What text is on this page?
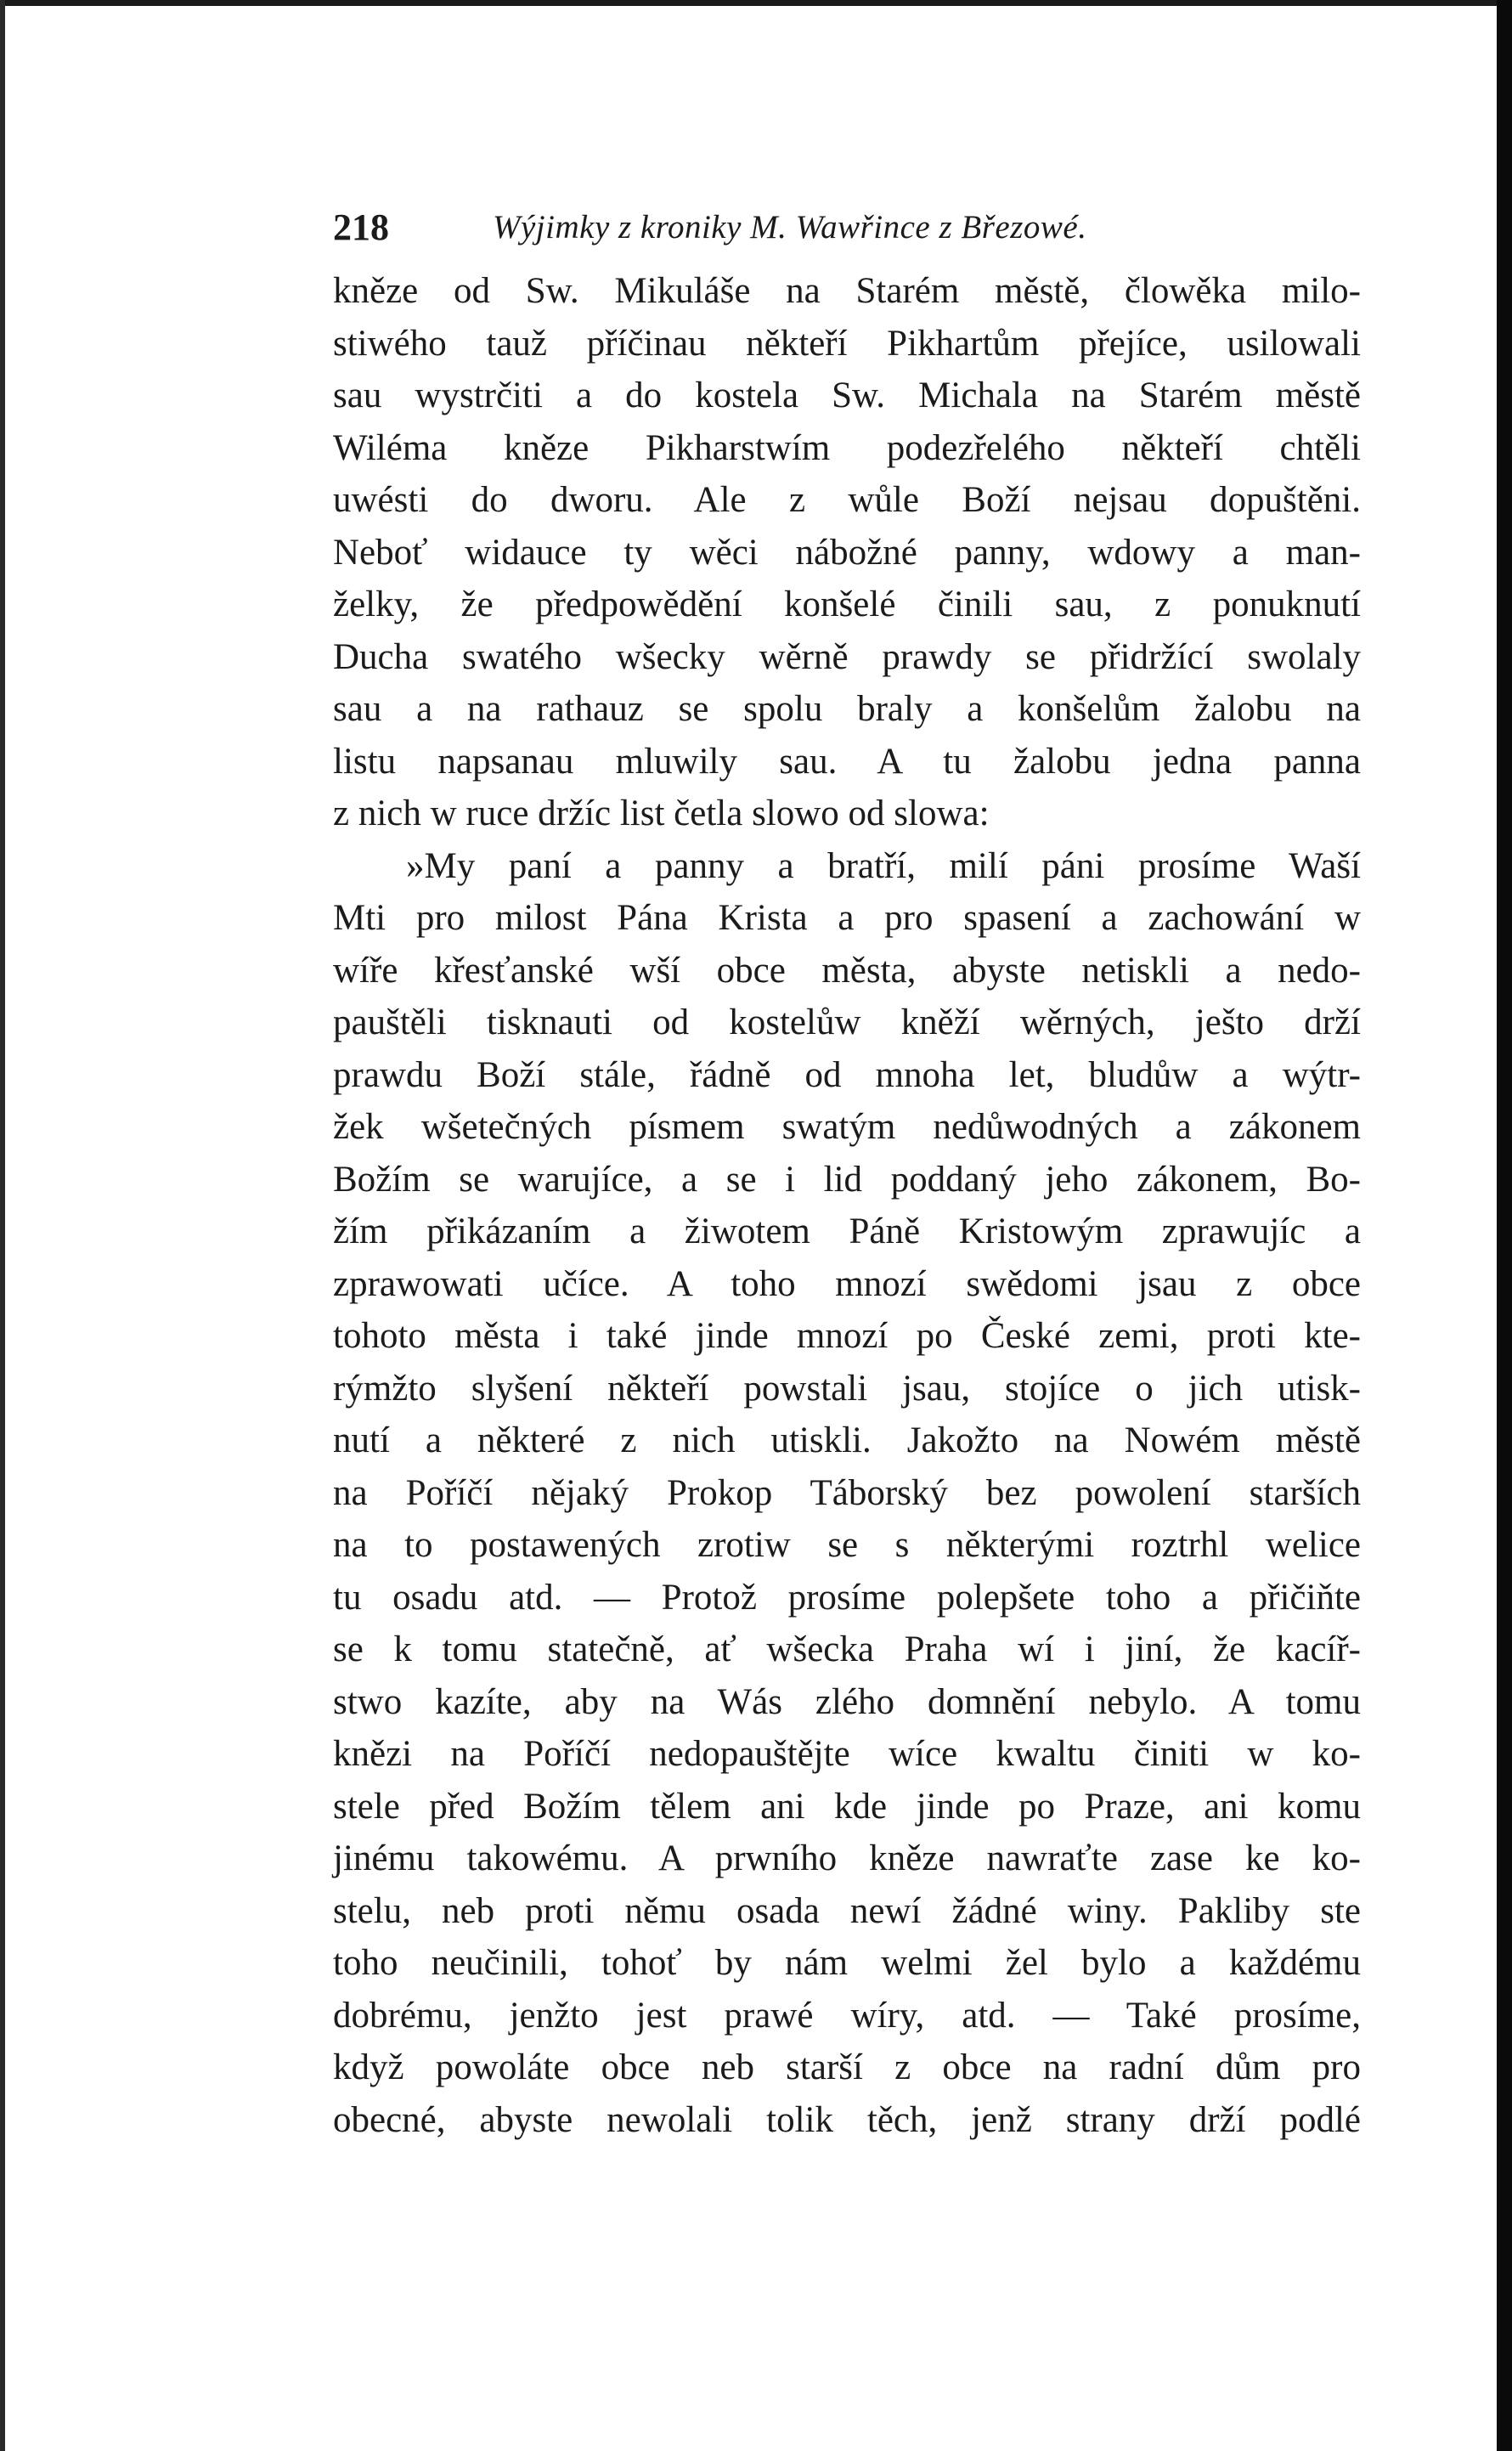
218	Wýjimky z kroniky M. Wawřince z Březowé.
kněze od Sw. Mikuláše na Starém městě, člowěka milo-
stiwého tauž příčinau někteří Pikhartům přejíce, usilowali
sau wystrčiti a do kostela Sw. Michala na Starém městě
Wiléma kněze Pikharstwím podezřelého někteří chtěli
uwésti do dworu. Ale z wůle Boží nejsau dopuštěni.
Neboť widauce ty wěci nábožné panny, wdowy a man-
želky, že předpowědění konšelé činili sau, z ponuknutí
Ducha swatého wšecky wěrně prawdy se přidržící swolaly
sau a na rathauz se spolu braly a konšelům žalobu na
listu napsanau mluwily sau. A tu žalobu jedna panna
z nich w ruce držíc list četla slowo od slowa:
»My paní a panny a bratří, milí páni prosíme Waší
Mti pro milost Pána Krista a pro spasení a zachowání w
wíře křesťanské wší obce města, abyste netiskli a nedo-
pauštěli tisknauti od kostelůw kněží wěrných, ješto drží
prawdu Boží stále, řádně od mnoha let, bludůw a wýtr-
žek wšetečných písmem swatým nedůwodných a zákonem
Božím se warujíce, a se i lid poddaný jeho zákonem, Bo-
žím přikázaním a žiwotem Páně Kristowým zprawujíc a
zprawowati učíce. A toho mnozí swědomi jsau z obce
tohoto města i také jinde mnozí po České zemi, proti kte-
rýmžto slyšení někteří powstali jsau, stojíce o jich utisk-
nutí a některé z nich utiskli. Jakožto na Nowém městě
na Poříčí nějaký Prokop Táborský bez powolení starších
na to postawených zrotiw se s některými roztrhl welice
tu osadu atd. — Protož prosíme polepšete toho a přičiňte
se k tomu statečně, ať wšecka Praha wí i jiní, že kacíř-
stwo kazíte, aby na Wás zlého domnění nebylo. A tomu
knězi na Poříčí nedopauštějte wíce kwaltu činiti w ko-
stele před Božím tělem ani kde jinde po Praze, ani komu
jinému takowému. A prwního kněze nawraťte zase ke ko-
stelu, neb proti němu osada newí žádné winy. Pakliby ste
toho neučinili, tohoť by nám welmi žel bylo a každému
dobrému, jenžto jest prawé wíry, atd. — Také prosíme,
když powoláte obce neb starší z obce na radní dům pro
obecné, abyste newolali tolik těch, jenž strany drží podlé
